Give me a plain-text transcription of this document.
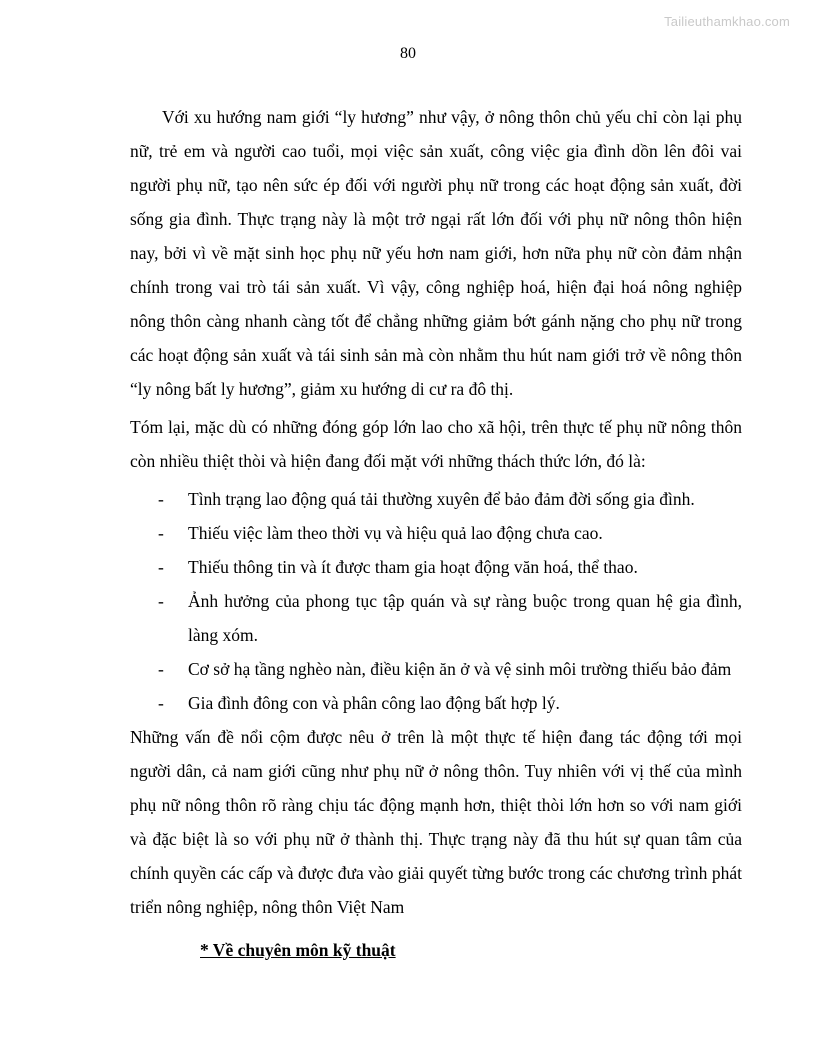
Tailieuthamkhao.com
80

Với xu hướng nam giới “ly hương” như vậy, ở nông thôn chủ yếu chỉ còn lại phụ nữ, trẻ em và người cao tuổi, mọi việc sản xuất, công việc gia đình dồn lên đôi vai người phụ nữ, tạo nên sức ép đối với người phụ nữ trong các hoạt động sản xuất, đời sống gia đình. Thực trạng này là một trở ngại rất lớn đối với phụ nữ nông thôn hiện nay, bởi vì về mặt sinh học phụ nữ yếu hơn nam giới, hơn nữa phụ nữ còn đảm nhận chính trong vai trò tái sản xuất. Vì vậy, công nghiệp hoá, hiện đại hoá nông nghiệp nông thôn càng nhanh càng tốt để chẳng những giảm bớt gánh nặng cho phụ nữ trong các hoạt động sản xuất và tái sinh sản mà còn nhằm thu hút nam giới trở về nông thôn “ly nông bất ly hương”, giảm xu hướng di cư ra đô thị.

Tóm lại, mặc dù có những đóng góp lớn lao cho xã hội, trên thực tế phụ nữ nông thôn còn nhiều thiệt thòi và hiện đang đối mặt với những thách thức lớn, đó là:

- Tình trạng lao động quá tải thường xuyên để bảo đảm đời sống gia đình.
- Thiếu việc làm theo thời vụ và hiệu quả lao động chưa cao.
- Thiếu thông tin và ít được tham gia hoạt động văn hoá, thể thao.
- Ảnh hưởng của phong tục tập quán và sự ràng buộc trong quan hệ gia đình, làng xóm.
- Cơ sở hạ tầng nghèo nàn, điều kiện ăn ở và vệ sinh môi trường thiếu bảo đảm
- Gia đình đông con và phân công lao động bất hợp lý.

Những vấn đề nổi cộm được nêu ở trên là một thực tế hiện đang tác động tới mọi người dân, cả nam giới cũng như phụ nữ ở nông thôn. Tuy nhiên với vị thế của mình phụ nữ nông thôn rõ ràng chịu tác động mạnh hơn, thiệt thòi lớn hơn so với nam giới và đặc biệt là so với phụ nữ ở thành thị. Thực trạng này đã thu hút sự quan tâm của chính quyền các cấp và được đưa vào giải quyết từng bước trong các chương trình phát triển nông nghiệp, nông thôn Việt Nam

* Về chuyên môn kỹ thuật
